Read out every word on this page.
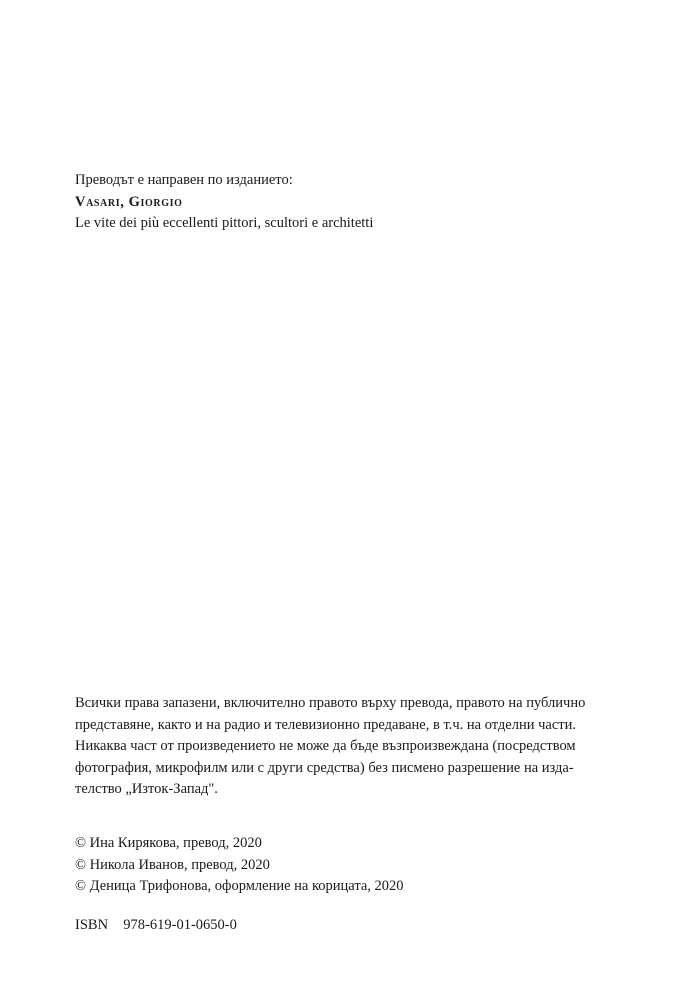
Преводът е направен по изданието:
Vasari, Giorgio
Le vite dei più eccellenti pittori, scultori e architetti
Всички права запазени, включително правото върху превода, правото на публично
представяне, както и на радио и телевизионно предаване, в т.ч. на отделни части.
Никаква част от произведението не може да бъде възпроизвеждана (посредством
фотография, микрофилм или с други средства) без писмено разрешение на изда-
телство „Изток-Запад".
© Ина Кирякова, превод, 2020
© Никола Иванов, превод, 2020
© Деница Трифонова, оформление на корицата, 2020
ISBN  978-619-01-0650-0
